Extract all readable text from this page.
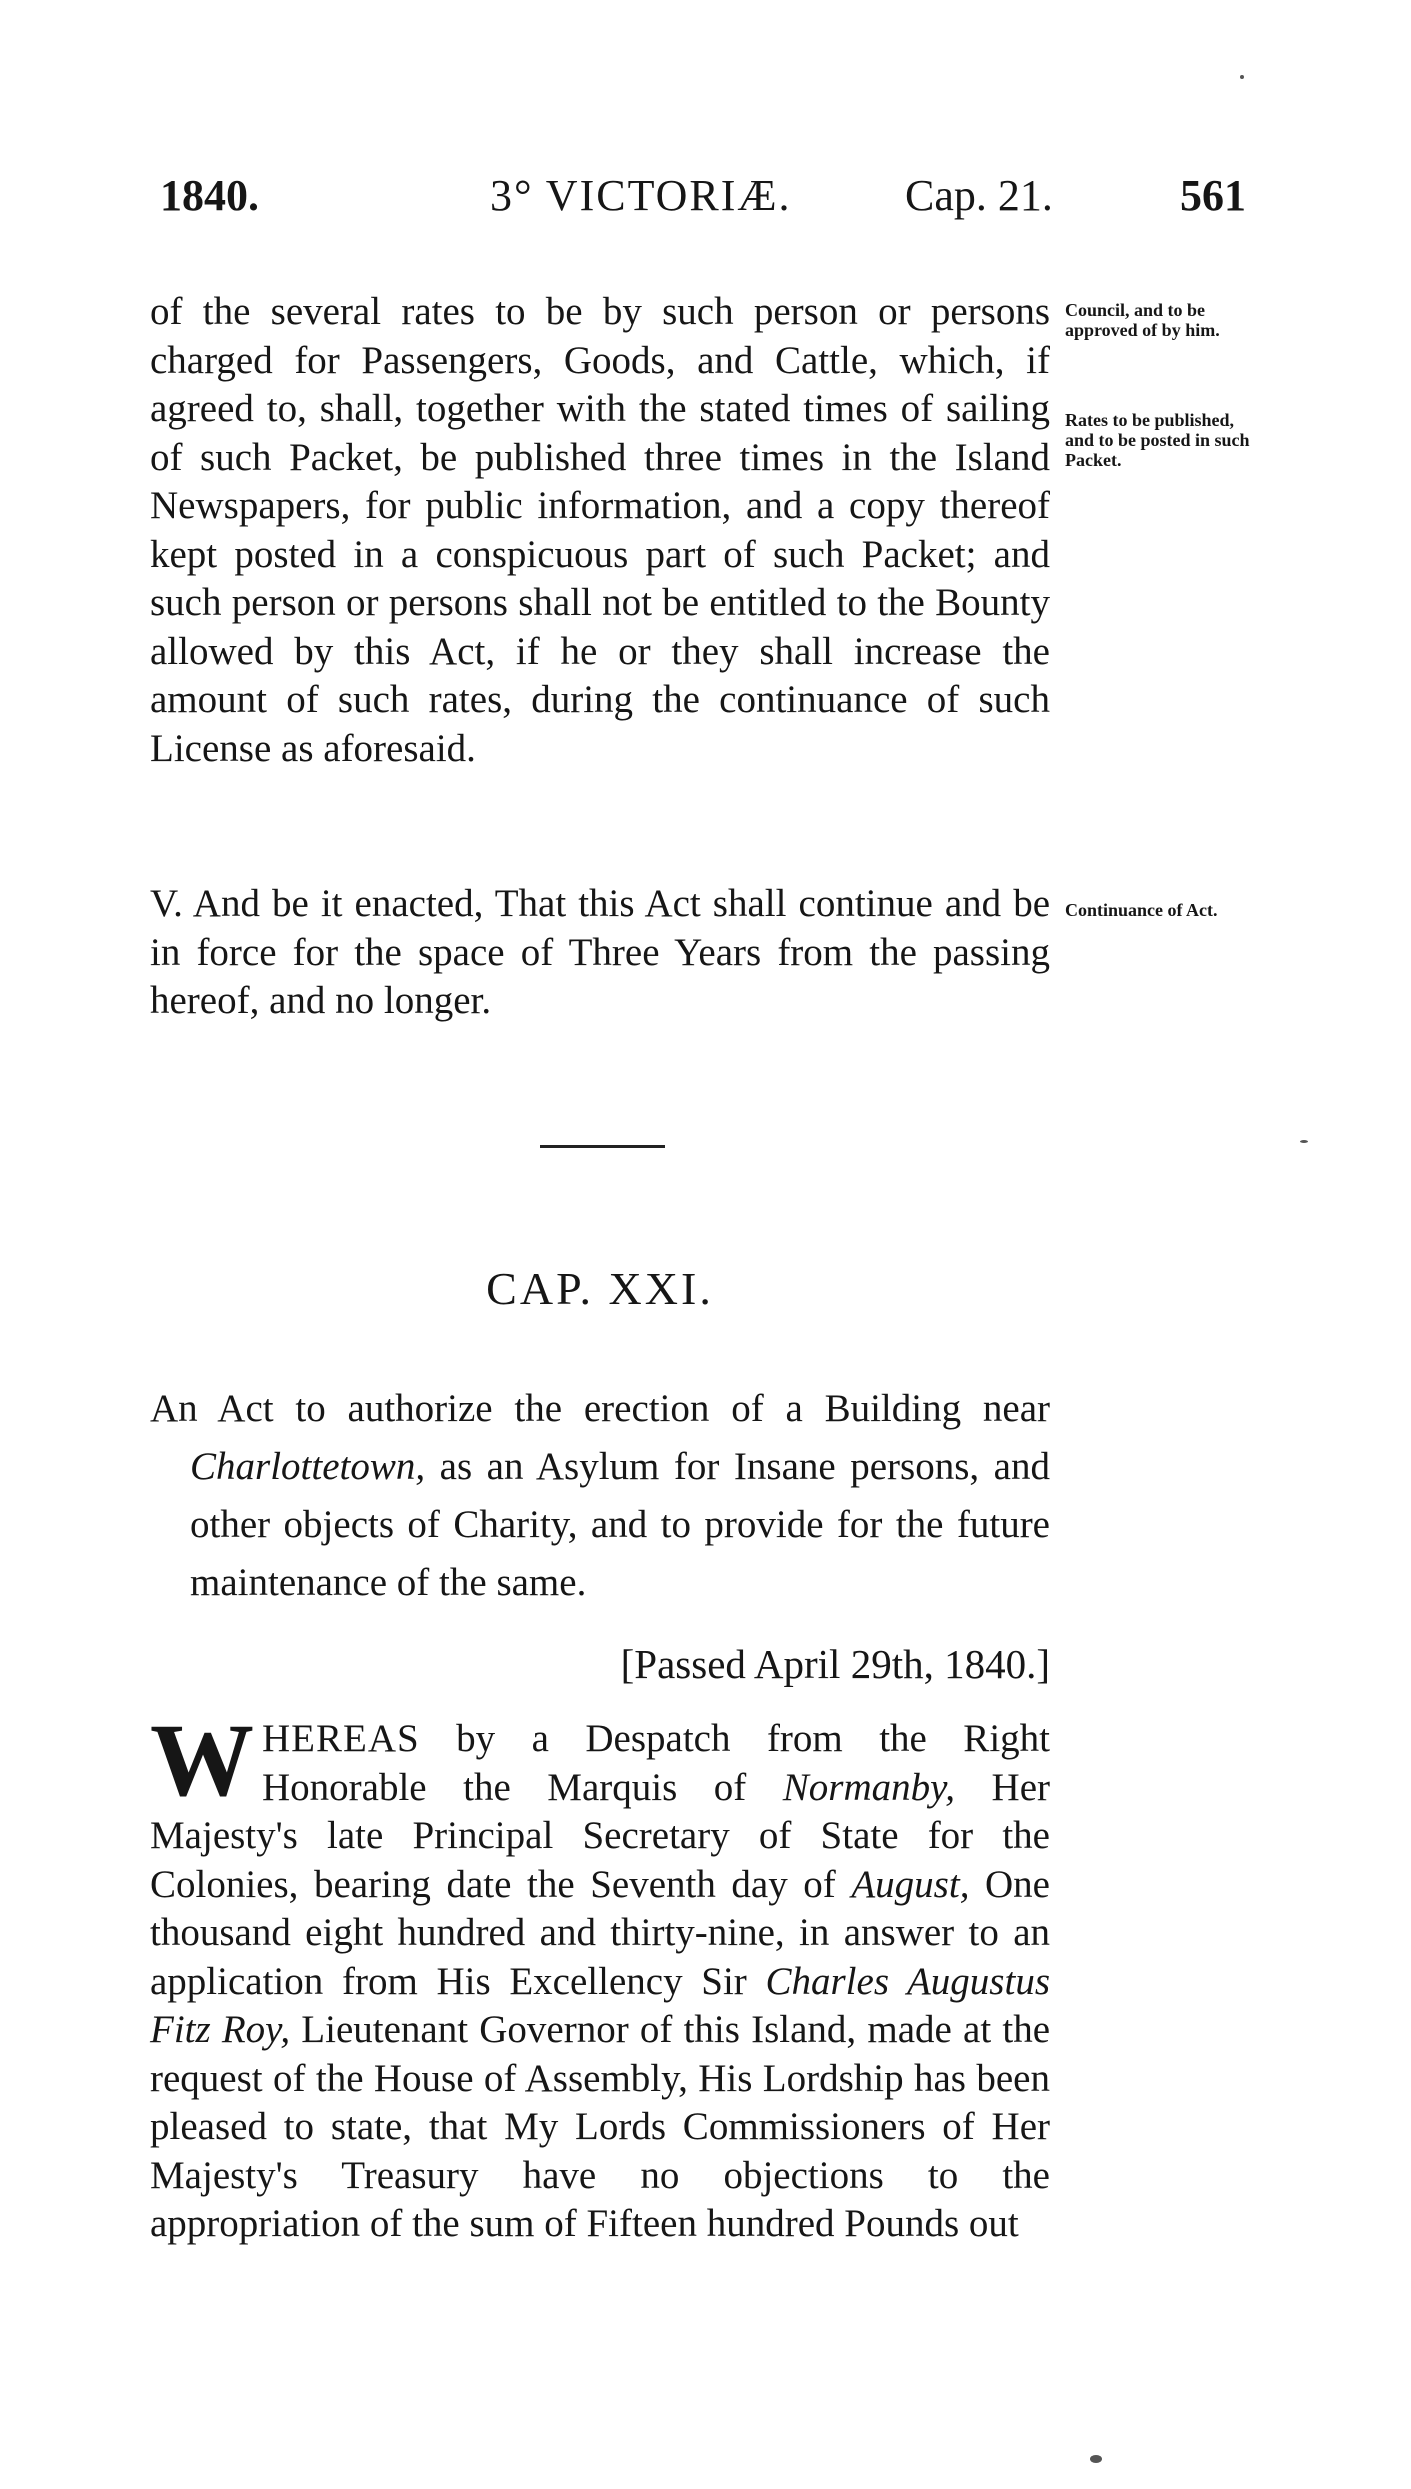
1840.	3° VICTORIÆ.	Cap. 21.	561

of the several rates to be by such person or persons charged for Passengers, Goods, and Cattle, which, if agreed to, shall, together with the stated times of sailing of such Packet, be published three times in the Island Newspapers, for public information, and a copy thereof kept posted in a conspicuous part of such Packet; and such person or persons shall not be entitled to the Bounty allowed by this Act, if he or they shall increase the amount of such rates, during the continuance of such License as aforesaid.

Council, and to be approved of by him.
Rates to be published, and to be posted in such Packet.

V. And be it enacted, That this Act shall continue and be in force for the space of Three Years from the passing hereof, and no longer.

Continuance of Act.
CAP. XXI.

An Act to authorize the erection of a Building near Charlottetown, as an Asylum for Insane persons, and other objects of Charity, and to provide for the future maintenance of the same.

[Passed April 29th, 1840.]

WHEREAS by a Despatch from the Right Honorable the Marquis of Normanby, Her Majesty's late Principal Secretary of State for the Colonies, bearing date the Seventh day of August, One thousand eight hundred and thirty-nine, in answer to an application from His Excellency Sir Charles Augustus Fitz Roy, Lieutenant Governor of this Island, made at the request of the House of Assembly, His Lordship has been pleased to state, that My Lords Commissioners of Her Majesty's Treasury have no objections to the appropriation of the sum of Fifteen hundred Pounds out
